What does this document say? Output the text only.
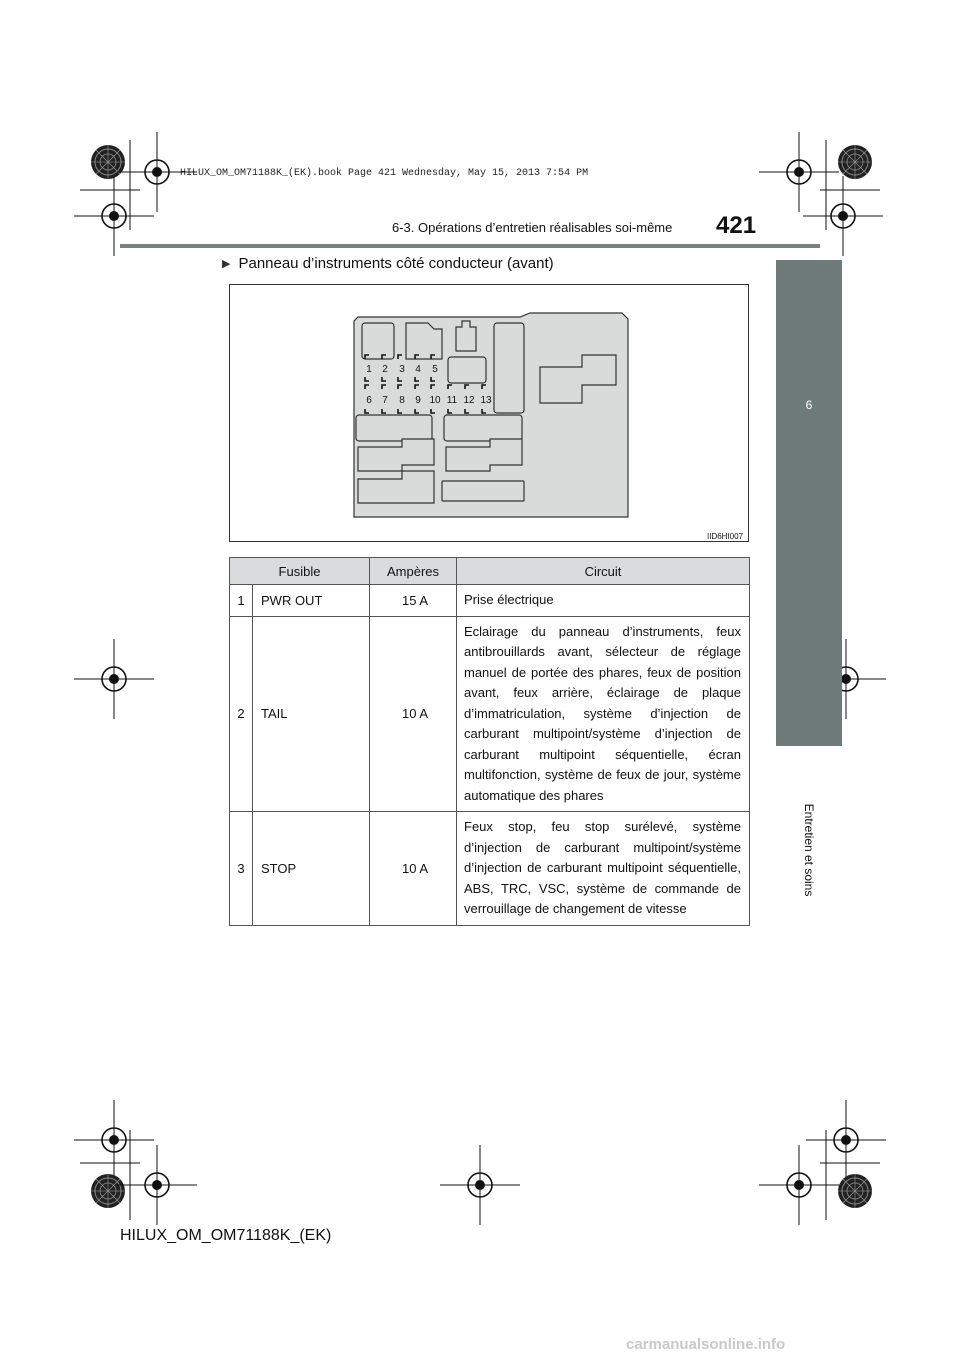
HILUX_OM_OM71188K_(EK).book Page 421 Wednesday, May 15, 2013 7:54 PM
6-3. Opérations d’entretien réalisables soi-même 421
6
Entretien et soins
▶ Panneau d’instruments côté conducteur (avant)
1 2 3 4 5
6 7 8 9 10 11 12 13
IID6HI007
Fusible		Ampères	Circuit
1	PWR OUT	15 A	Prise électrique
2	TAIL	10 A	Eclairage du panneau d’instruments, feux antibrouillards avant, sélecteur de réglage manuel de portée des phares, feux de position avant, feux arrière, éclairage de plaque d’immatriculation, système d’injection de carburant multipoint/système d’injection de carburant multipoint séquentielle, écran multifonction, système de feux de jour, système automatique des phares
3	STOP	10 A	Feux stop, feu stop surélevé, système d’injection de carburant multipoint/système d’injection de carburant multipoint séquentielle, ABS, TRC, VSC, système de commande de verrouillage de changement de vitesse
HILUX_OM_OM71188K_(EK)
carmanualsonline.info
